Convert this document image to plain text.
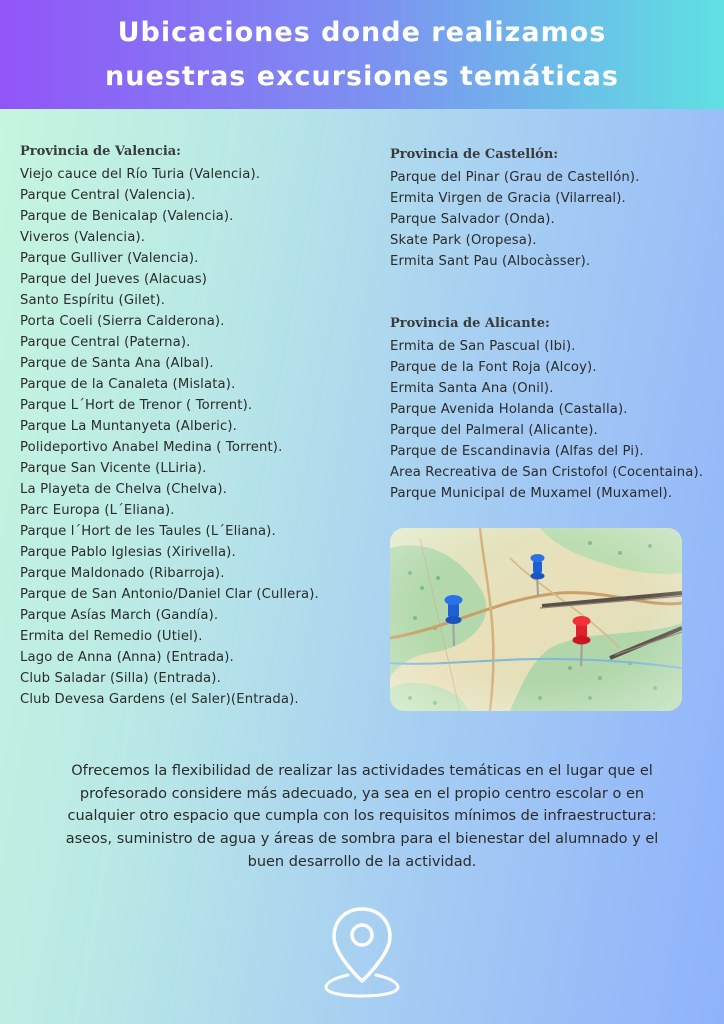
Ubicaciones donde realizamos nuestras excursiones temáticas
Provincia de Valencia:
Viejo cauce del Río Turia (Valencia).
Parque Central (Valencia).
Parque de Benicalap (Valencia).
Viveros (Valencia).
Parque Gulliver (Valencia).
Parque del Jueves (Alacuas)
Santo Espíritu (Gilet).
Porta Coeli (Sierra Calderona).
Parque Central (Paterna).
Parque de Santa Ana (Albal).
Parque de la Canaleta (Mislata).
Parque L´Hort de Trenor ( Torrent).
Parque La Muntanyeta (Alberic).
Polideportivo Anabel Medina ( Torrent).
Parque San Vicente (LLiria).
La Playeta de Chelva (Chelva).
Parc Europa (L´Eliana).
Parque l´Hort de les Taules (L´Eliana).
Parque Pablo Iglesias (Xirivella).
Parque Maldonado (Ribarroja).
Parque de San Antonio/Daniel Clar (Cullera).
Parque Asías March (Gandía).
Ermita del Remedio (Utiel).
Lago de Anna (Anna) (Entrada).
Club Saladar (Silla) (Entrada).
Club Devesa Gardens (el Saler)(Entrada).
Provincia de Castellón:
Parque del Pinar (Grau de Castellón).
Ermita Virgen de Gracia (Vilarreal).
Parque Salvador (Onda).
Skate Park (Oropesa).
Ermita Sant Pau (Albocàsser).
Provincia de Alicante:
Ermita de San Pascual (Ibi).
Parque de la Font Roja (Alcoy).
Ermita Santa Ana (Onil).
Parque Avenida Holanda (Castalla).
Parque del Palmeral (Alicante).
Parque de Escandinavia (Alfas del Pi).
Area Recreativa de San Cristofol (Cocentaina).
Parque Municipal de Muxamel (Muxamel).

Ofrecemos la flexibilidad de realizar las actividades temáticas en el lugar que el profesorado considere más adecuado, ya sea en el propio centro escolar o en cualquier otro espacio que cumpla con los requisitos mínimos de infraestructura: aseos, suministro de agua y áreas de sombra para el bienestar del alumnado y el buen desarrollo de la actividad.
